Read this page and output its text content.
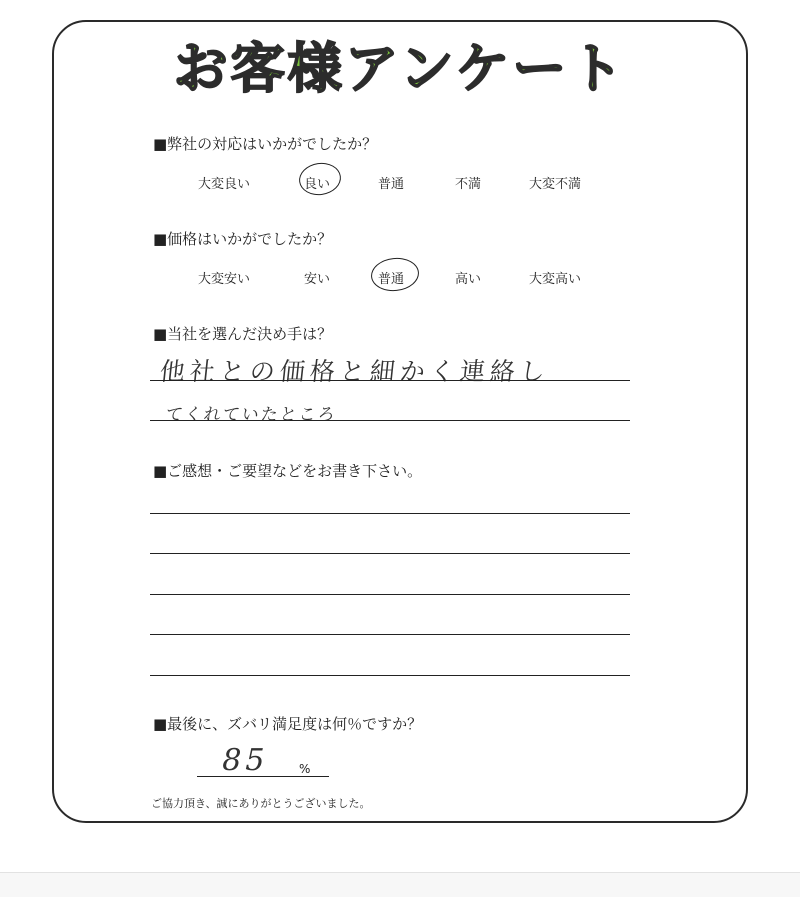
お客様アンケート
■弊社の対応はいかがでしたか？
大変良い	良い	普通	不満	大変不満
■価格はいかがでしたか？
大変安い	安い	普通	高い	大変高い
■当社を選んだ決め手は？
他社との価格と細かく連絡し
てくれていたところ
■ご感想・ご要望などをお書き下さい。
■最後に、ズバリ満足度は何％ですか？
85 %
ご協力頂き、誠にありがとうございました。
